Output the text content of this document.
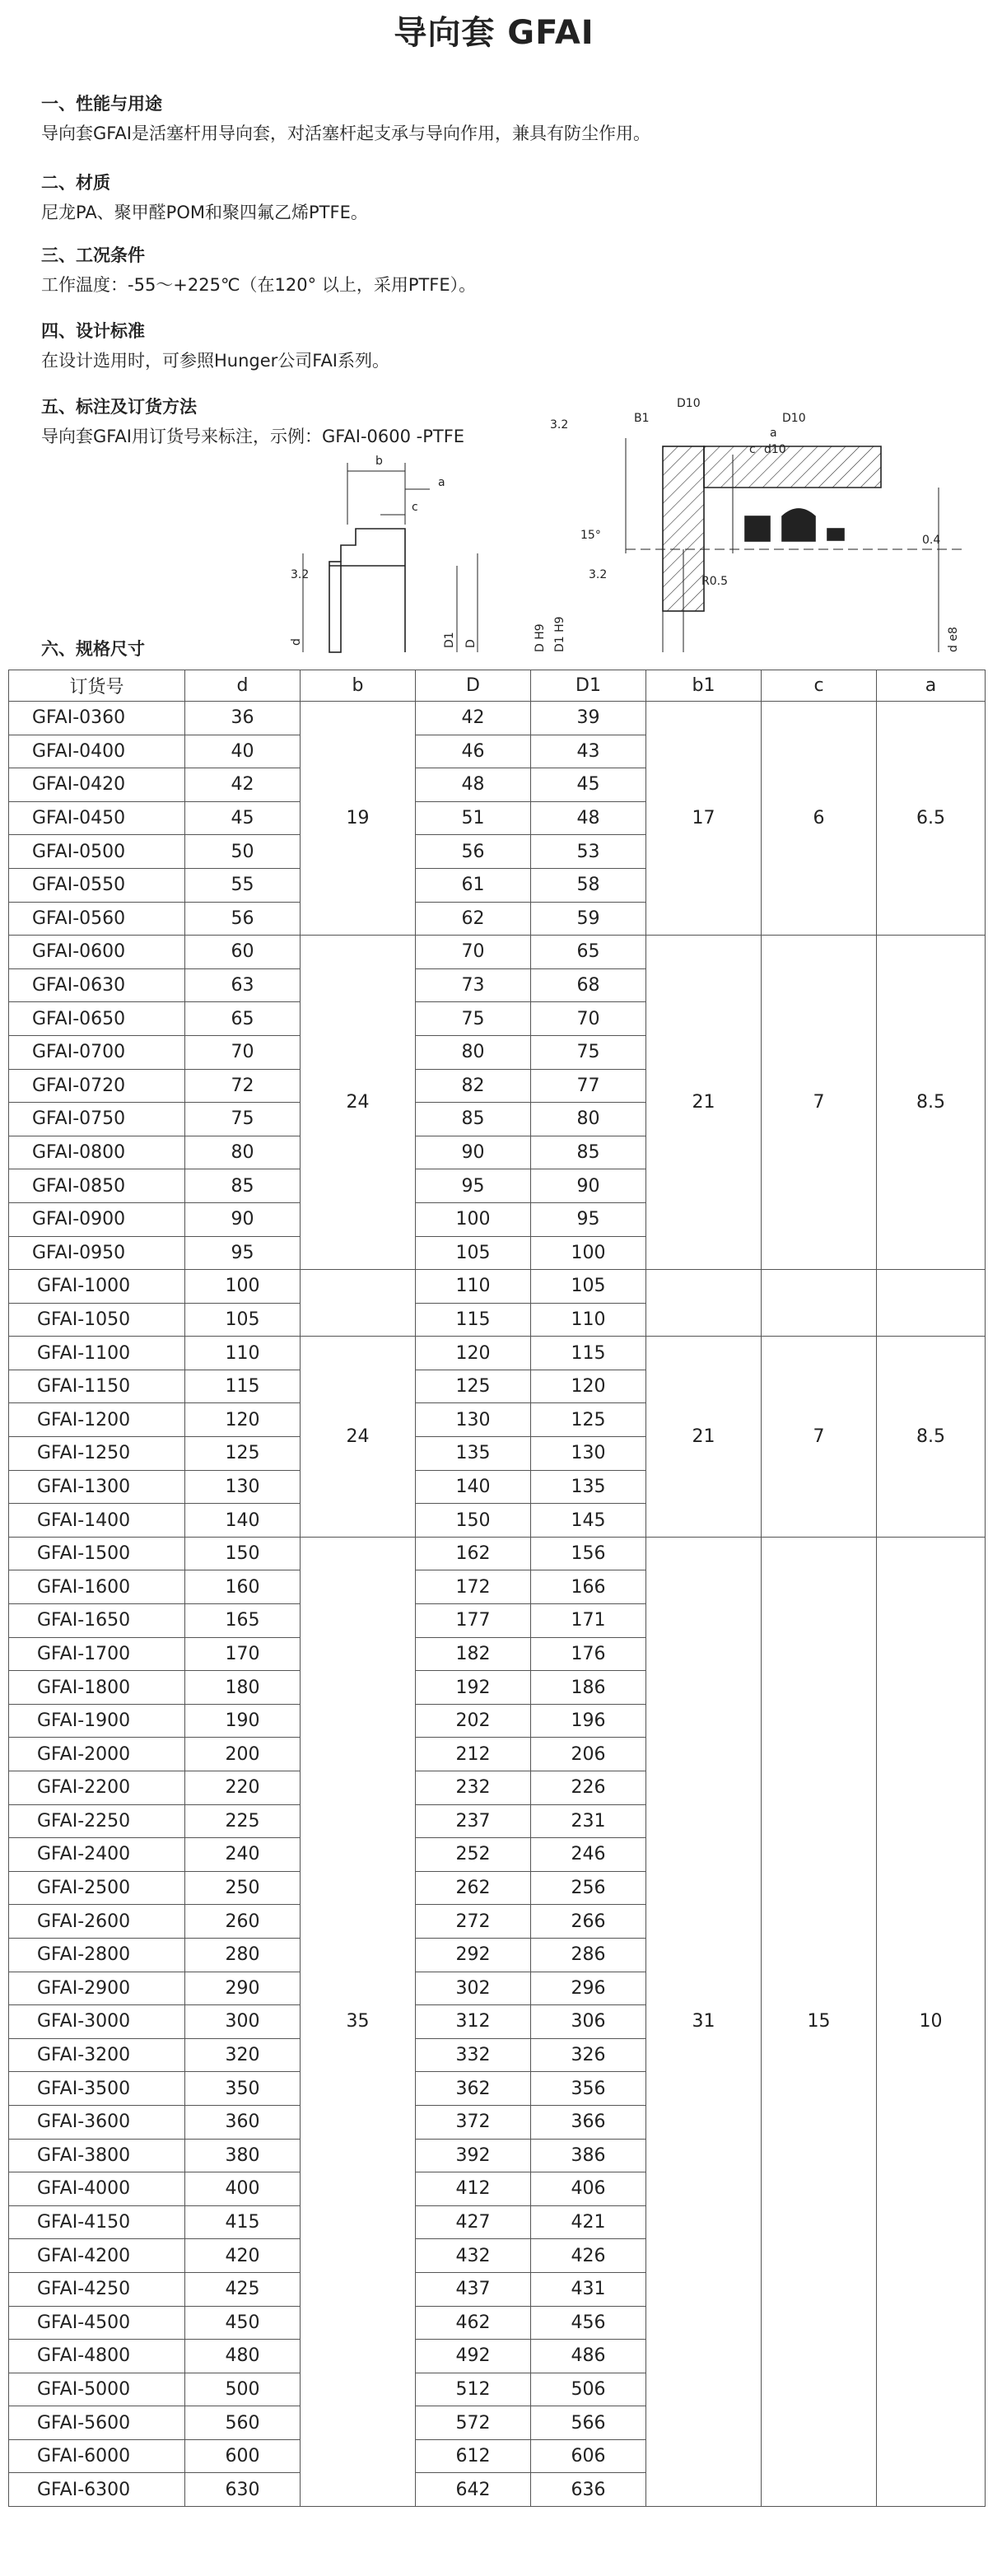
导向套 GFAI
一、性能与用途

导向套GFAI是活塞杆用导向套，对活塞杆起支承与导向作用，兼具有防尘作用。

二、材质

尼龙PA、聚甲醛POM和聚四氟乙烯PTFE。

三、工况条件

工作温度：-55～+225℃（在120° 以上，采用PTFE）。

四、设计标准

在设计选用时，可参照Hunger公司FAI系列。

五、标注及订货方法

导向套GFAI用订货号来标注，示例：GFAI-0600 -PTFE

b
a
c
d	D1 D
B1
D10
D10
a
c d10
3.2
3.2	3.2
0.4
15°
R0.5
D H9 D1 H9	d e8
六、规格尺寸
订货号	d	b	D	D1	b1	c	a
GFAI-0360	36	19	42	39	17	6	6.5
GFAI-0400	40		46	43			
GFAI-0420	42		48	45			
GFAI-0450	45		51	48			
GFAI-0500	50		56	53			
GFAI-0550	55		61	58			
GFAI-0560	56		62	59			
GFAI-0600	60	24	70	65	21	7	8.5
GFAI-0630	63		73	68			
GFAI-0650	65		75	70			
GFAI-0700	70		80	75			
GFAI-0720	72		82	77			
GFAI-0750	75		85	80			
GFAI-0800	80		90	85			
GFAI-0850	85		95	90			
GFAI-0900	90		100	95			
GFAI-0950	95		105	100			
GFAI-1000	100		110	105			
GFAI-1050	105		115	110			
GFAI-1100	110	24	120	115	21	7	8.5
GFAI-1150	115		125	120			
GFAI-1200	120		130	125			
GFAI-1250	125		135	130			
GFAI-1300	130		140	135			
GFAI-1400	140		150	145			
GFAI-1500	150	35	162	156	31	15	10
GFAI-1600	160		172	166			
GFAI-1650	165		177	171			
GFAI-1700	170		182	176			
GFAI-1800	180		192	186			
GFAI-1900	190		202	196			
GFAI-2000	200		212	206			
GFAI-2200	220		232	226			
GFAI-2250	225		237	231			
GFAI-2400	240		252	246			
GFAI-2500	250		262	256			
GFAI-2600	260		272	266			
GFAI-2800	280		292	286			
GFAI-2900	290		302	296			
GFAI-3000	300		312	306			
GFAI-3200	320		332	326			
GFAI-3500	350		362	356			
GFAI-3600	360		372	366			
GFAI-3800	380		392	386			
GFAI-4000	400		412	406			
GFAI-4150	415		427	421			
GFAI-4200	420		432	426			
GFAI-4250	425		437	431			
GFAI-4500	450		462	456			
GFAI-4800	480		492	486			
GFAI-5000	500		512	506			
GFAI-5600	560		572	566			
GFAI-6000	600		612	606			
GFAI-6300	630		642	636			
